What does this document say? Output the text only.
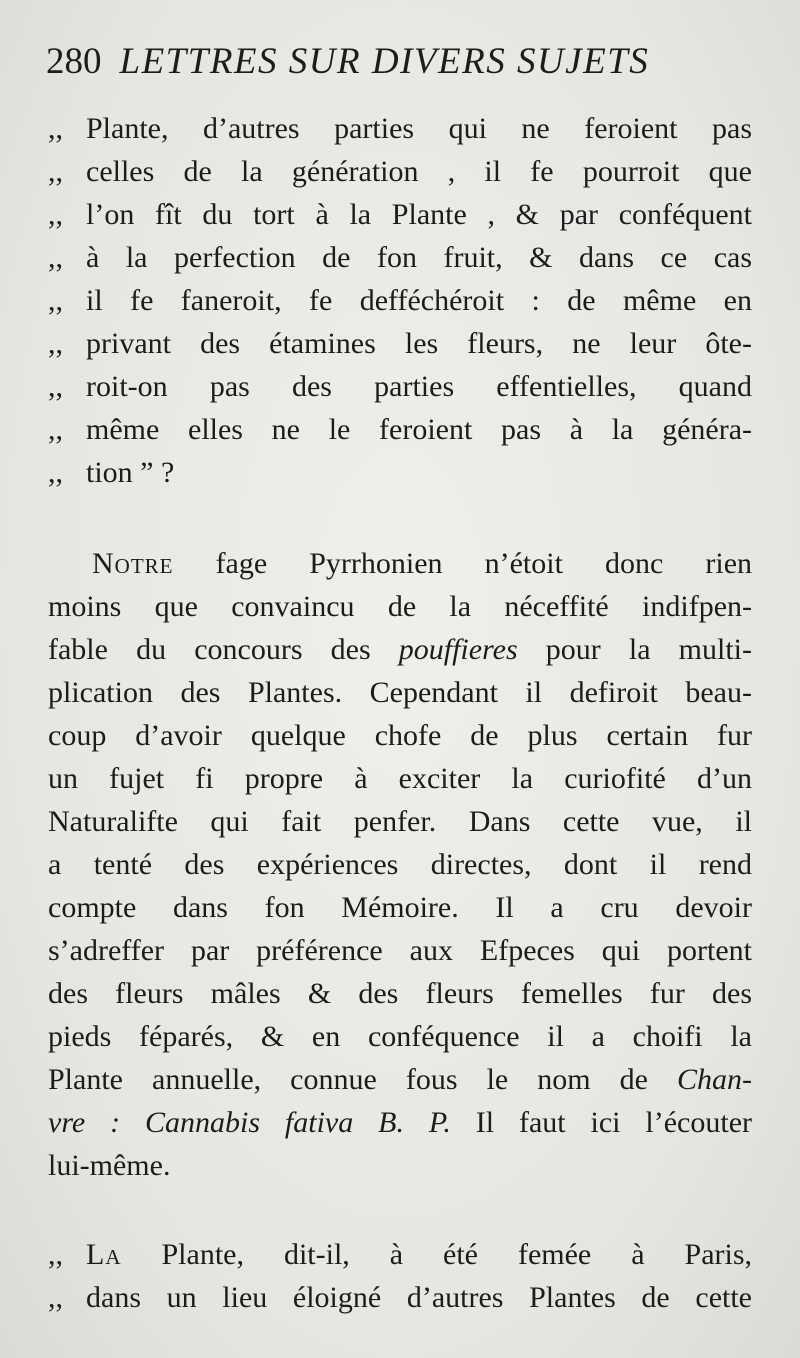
280 LETTRES SUR DIVERS SUJETS
,, Plante, d’autres parties qui ne feroient pas
,, celles de la génération , il fe pourroit que
,, l’on fît du tort à la Plante , & par conféquent
,, à la perfection de fon fruit, & dans ce cas
,, il fe faneroit, fe defféchéroit : de même en
,, privant des étamines les fleurs, ne leur ôte-
,, roit-on pas des parties effentielles, quand
,, même elles ne le feroient pas à la généra-
,, tion ” ?
Notre fage Pyrrhonien n’étoit donc rien
moins que convaincu de la néceffité indifpen-
fable du concours des pouffieres pour la multi-
plication des Plantes. Cependant il defiroit beau-
coup d’avoir quelque chofe de plus certain fur
un fujet fi propre à exciter la curiofité d’un
Naturalifte qui fait penfer. Dans cette vue, il
a tenté des expériences directes, dont il rend
compte dans fon Mémoire. Il a cru devoir
s’adreffer par préférence aux Efpeces qui portent
des fleurs mâles & des fleurs femelles fur des
pieds féparés, & en conféquence il a choifi la
Plante annuelle, connue fous le nom de Chan-
vre : Cannabis fativa B. P. Il faut ici l’écouter
lui-même.
,, La Plante, dit-il, à été femée à Paris,
,, dans un lieu éloigné d’autres Plantes de cette
